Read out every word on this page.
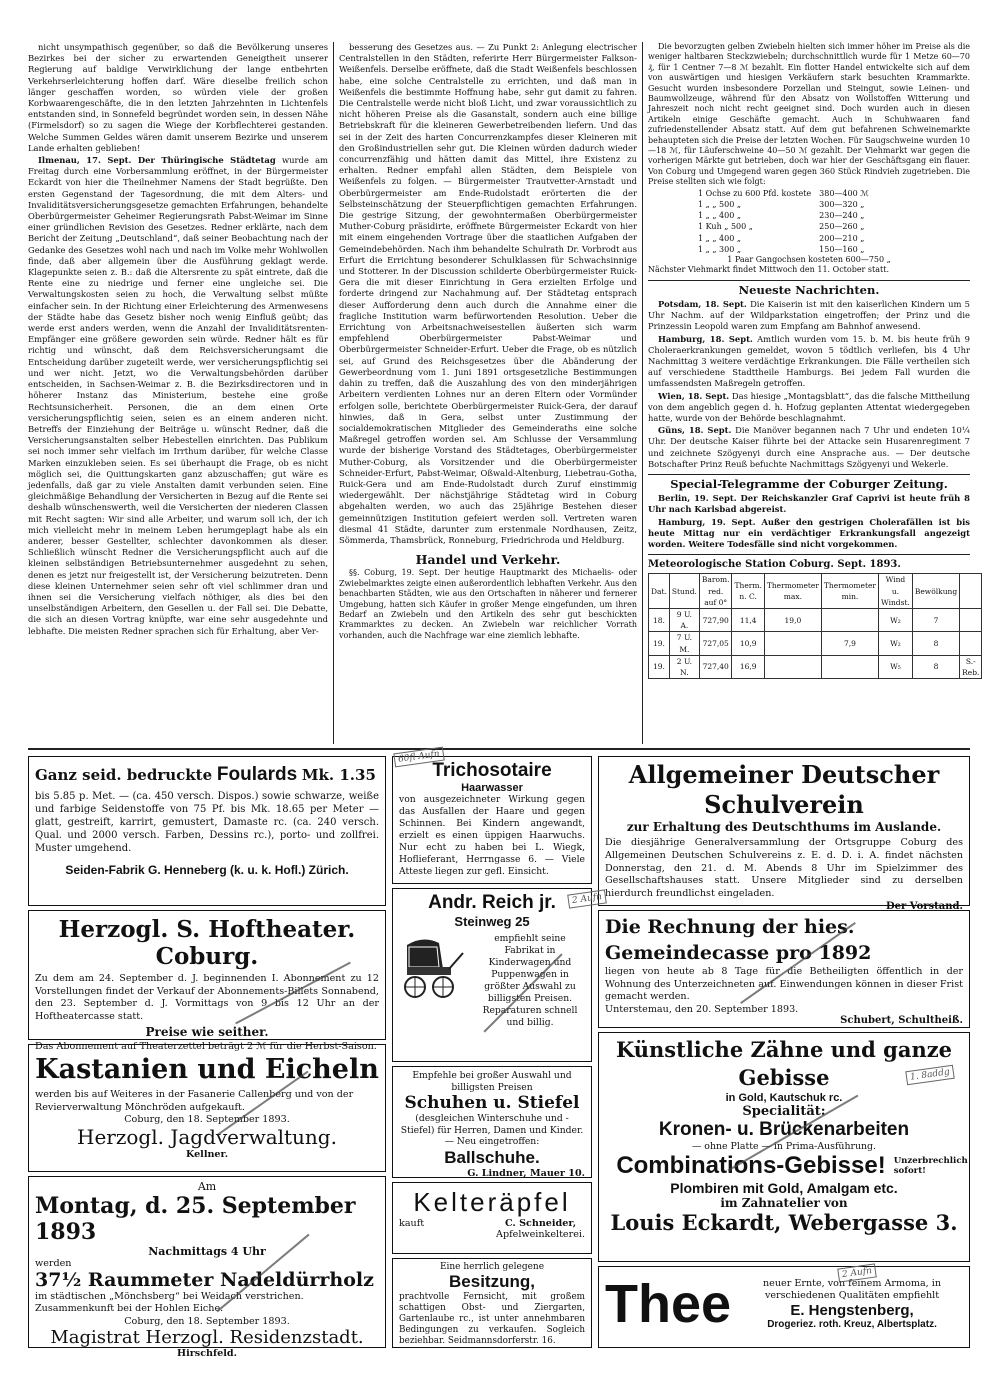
nicht unsympathisch gegenüber, so daß die Bevölkerung unseres Bezirkes bei der sicher zu erwartenden Geneigtheit unserer Regierung auf baldige Verwirklichung der lange entbehrten Verkehrserleichterung hoffen darf. Wäre dieselbe freilich schon länger geschaffen worden, so würden viele der großen Korbwaarengeschäfte, die in den letzten Jahrzehnten in Lichtenfels entstanden sind, in Sonnefeld begründet worden sein, in dessen Nähe (Firmelsdorf) so zu sagen die Wiege der Korbflechterei gestanden. Welche Summen Geldes wären damit unserem Bezirke und unserem Lande erhalten geblieben!

Ilmenau, 17. Sept. Der Thüringische Städtetag wurde am Freitag durch eine Vorbersammlung eröffnet, in der Bürgermeister Eckardt von hier die Theilnehmer Namens der Stadt begrüßte. Den ersten Gegenstand der Tagesordnung, die mit dem Alters- und Invaliditätsversicherungsgesetze gemachten Erfahrungen, behandelte Oberbürgermeister Geheimer Regierungsrath Pabst-Weimar im Sinne einer gründlichen Revision des Gesetzes. Redner erklärte, nach dem Bericht der Zeitung „Deutschland“, daß seiner Beobachtung nach der Gedanke des Gesetzes wohl nach und nach im Volke mehr Wohlwollen finde, daß aber allgemein über die Ausführung geklagt werde. Klagepunkte seien z. B.: daß die Altersrente zu spät eintrete, daß die Rente eine zu niedrige und ferner eine ungleiche sei. Die Verwaltungskosten seien zu hoch, die Verwaltung selbst müßte einfacher sein. In der Richtung einer Erleichterung des Armenwesens der Städte habe das Gesetz bisher noch wenig Einfluß geübt; das werde erst anders werden, wenn die Anzahl der Invaliditätsrenten-Empfänger eine größere geworden sein würde. Redner hält es für richtig und wünscht, daß dem Reichsversicherungsamt die Entscheidung darüber zugeteilt werde, wer versicherungspflichtig sei und wer nicht. Jetzt, wo die Verwaltungsbehörden darüber entscheiden, in Sachsen-Weimar z. B. die Bezirksdirectoren und in höherer Instanz das Ministerium, bestehe eine große Rechtsunsicherheit. Personen, die an dem einen Orte versicherungspflichtig seien, seien es an einem anderen nicht. Betreffs der Einziehung der Beiträge u. wünscht Redner, daß die Versicherungsanstalten selber Hebestellen einrichten. Das Publikum sei noch immer sehr vielfach im Irrthum darüber, für welche Classe Marken einzukleben seien. Es sei überhaupt die Frage, ob es nicht möglich sei, die Quittungskarten ganz abzuschaffen; gut wäre es jedenfalls, daß gar zu viele Anstalten damit verbunden seien. Eine gleichmäßige Behandlung der Versicherten in Bezug auf die Rente sei deshalb wünschenswerth, weil die Versicherten der niederen Classen mit Recht sagten: Wir sind alle Arbeiter, und warum soll ich, der ich mich vielleicht mehr in meinem Leben herumgeplagt habe als ein anderer, besser Gestellter, schlechter davonkommen als dieser. Schließlich wünscht Redner die Versicherungspflicht auch auf die kleinen selbständigen Betriebsunternehmer ausgedehnt zu sehen, denen es jetzt nur freigestellt ist, der Versicherung beizutreten. Denn diese kleinen Unternehmer seien sehr oft viel schlimmer dran und ihnen sei die Versicherung vielfach nöthiger, als dies bei den unselbständigen Arbeitern, den Gesellen u. der Fall sei. Die Debatte, die sich an diesen Vortrag knüpfte, war eine sehr ausgedehnte und lebhafte. Die meisten Redner sprachen sich für Erhaltung, aber Ver-

besserung des Gesetzes aus. — Zu Punkt 2: Anlegung electrischer Centralstellen in den Städten, referirte Herr Bürgermeister Falkson-Weißenfels. Derselbe eröffnete, daß die Stadt Weißenfels beschlossen habe, eine solche Centralstelle zu errichten, und daß man in Weißenfels die bestimmte Hoffnung habe, sehr gut damit zu fahren. Die Centralstelle werde nicht bloß Licht, und zwar voraussichtlich zu nicht höheren Preise als die Gasanstalt, sondern auch eine billige Betriebskraft für die kleineren Gewerbetreibenden liefern. Und das sei in der Zeit des harten Concurrenzkampfes dieser Kleineren mit den Großindustriellen sehr gut. Die Kleinen würden dadurch wieder concurrenzfähig und hätten damit das Mittel, ihre Existenz zu erhalten. Redner empfahl allen Städten, dem Beispiele von Weißenfels zu folgen. — Bürgermeister Trautvetter-Arnstadt und Oberbürgermeister am Ende-Rudolstadt erörterten die der Selbsteinschätzung der Steuerpflichtigen gemachten Erfahrungen. Die gestrige Sitzung, der gewohntermaßen Oberbürgermeister Muther-Coburg präsidirte, eröffnete Bürgermeister Eckardt von hier mit einem eingehenden Vortrage über die staatlichen Aufgaben der Gemeindebehörden. Nach ihm behandelte Schulrath Dr. Vorbrodt aus Erfurt die Errichtung besonderer Schulklassen für Schwachsinnige und Stotterer. In der Discussion schilderte Oberbürgermeister Ruick-Gera die mit dieser Einrichtung in Gera erzielten Erfolge und forderte dringend zur Nachahmung auf. Der Städtetag entsprach dieser Aufforderung denn auch durch die Annahme einer die fragliche Institution warm befürwortenden Resolution. Ueber die Errichtung von Arbeitsnachweisestellen äußerten sich warm empfehlend Oberbürgermeister Pabst-Weimar und Oberbürgermeister Schneider-Erfurt. Ueber die Frage, ob es nützlich sei, auf Grund des Reichsgesetzes über die Abänderung der Gewerbeordnung vom 1. Juni 1891 ortsgesetzliche Bestimmungen dahin zu treffen, daß die Auszahlung des von den minderjährigen Arbeitern verdienten Lohnes nur an deren Eltern oder Vormünder erfolgen solle, berichtete Oberbürgermeister Ruick-Gera, der darauf hinwies, daß in Gera, selbst unter Zustimmung der socialdemokratischen Mitglieder des Gemeinderaths eine solche Maßregel getroffen worden sei. Am Schlusse der Versammlung wurde der bisherige Vorstand des Städtetages, Oberbürgermeister Muther-Coburg, als Vorsitzender und die Oberbürgermeister Schneider-Erfurt, Pabst-Weimar, Oßwald-Altenburg, Liebetrau-Gotha, Ruick-Gera und am Ende-Rudolstadt durch Zuruf einstimmig wiedergewählt. Der nächstjährige Städtetag wird in Coburg abgehalten werden, wo auch das 25jährige Bestehen dieser gemeinnützigen Institution gefeiert werden soll. Vertreten waren diesmal 41 Städte, darunter zum erstenmale Nordhausen, Zeitz, Sömmerda, Thamsbrück, Ronneburg, Friedrichroda und Heldburg.

Handel und Verkehr.

§§. Coburg, 19. Sept. Der heutige Hauptmarkt des Michaelis- oder Zwiebelmarktes zeigte einen außerordentlich lebhaften Verkehr. Aus den benachbarten Städten, wie aus den Ortschaften in näherer und fernerer Umgebung, hatten sich Käufer in großer Menge eingefunden, um ihren Bedarf an Zwiebeln und den Artikeln des sehr gut beschickten Krammarktes zu decken. An Zwiebeln war reichlicher Vorrath vorhanden, auch die Nachfrage war eine ziemlich lebhafte.

Die bevorzugten gelben Zwiebeln hielten sich immer höher im Preise als die weniger haltbaren Steckzwiebeln; durchschnittlich wurde für 1 Metze 60—70 ₰, für 1 Centner 7—8 ℳ bezahlt. Ein flotter Handel entwickelte sich auf dem von auswärtigen und hiesigen Verkäufern stark besuchten Krammarkte. Gesucht wurden insbesondere Porzellan und Steingut, sowie Leinen- und Baumwollzeuge, während für den Absatz von Wollstoffen Witterung und Jahreszeit noch nicht recht geeignet sind. Doch wurden auch in diesen Artikeln einige Geschäfte gemacht. Auch in Schuhwaaren fand zufriedenstellender Absatz statt. Auf dem gut befahrenen Schweinemarkte behaupteten sich die Preise der letzten Wochen. Für Saugschweine wurden 10—18 ℳ, für Läuferschweine 40—50 ℳ gezahlt. Der Viehmarkt war gegen die vorherigen Märkte gut betrieben, doch war hier der Geschäftsgang ein flauer. Von Coburg und Umgegend waren gegen 360 Stück Rindvieh zugetrieben. Die Preise stellten sich wie folgt:

1 Ochse zu 600 Pfd. kostete	380—400 ℳ
1 „ „ 500 „	300—320 „
1 „ „ 400 „	230—240 „
1 Kuh „ 500 „	250—260 „
1 „ „ 400 „	200—210 „
1 „ „ 300 „	150—160 „
1 Paar Gangochsen kosteten 600—750 „
Nächster Viehmarkt findet Mittwoch den 11. October statt.
Neueste Nachrichten.

Potsdam, 18. Sept. Die Kaiserin ist mit den kaiserlichen Kindern um 5 Uhr Nachm. auf der Wildparkstation eingetroffen; der Prinz und die Prinzessin Leopold waren zum Empfang am Bahnhof anwesend.

Hamburg, 18. Sept. Amtlich wurden vom 15. b. M. bis heute früh 9 Choleraerkrankungen gemeldet, wovon 5 tödtlich verliefen, bis 4 Uhr Nachmittag 3 weitere verdächtige Erkrankungen. Die Fälle vertheilen sich auf verschiedene Stadttheile Hamburgs. Bei jedem Fall wurden die umfassendsten Maßregeln getroffen.

Wien, 18. Sept. Das hiesige „Montagsblatt“, das die falsche Mittheilung von dem angeblich gegen d. h. Hofzug geplanten Attentat wiedergegeben hatte, wurde von der Behörde beschlagnahmt.

Güns, 18. Sept. Die Manöver begannen nach 7 Uhr und endeten 10¼ Uhr. Der deutsche Kaiser führte bei der Attacke sein Husarenregiment 7 und zeichnete Szögyenyi durch eine Ansprache aus. — Der deutsche Botschafter Prinz Reuß befuchte Nachmittags Szögyenyi und Wekerle.

Special-Telegramme der Coburger Zeitung.

Berlin, 19. Sept. Der Reichskanzler Graf Caprivi ist heute früh 8 Uhr nach Karlsbad abgereist.

Hamburg, 19. Sept. Außer den gestrigen Cholerafällen ist bis heute Mittag nur ein verdächtiger Erkrankungsfall angezeigt worden. Weitere Todesfälle sind nicht vorgekommen.

Meteorologische Station Coburg. Sept. 1893.
Dat.	Stund.	Barom. red. auf 0°	Therm. n. C.	Thermometer max.	Thermometer min.	Wind u. Windst.	Bewölkung	
18.	9 U. A.	727,90	11,4	19,0		W₂	7	
19.	7 U. M.	727,05	10,9		7,9	W₂	8	
19.	2 U. N.	727,40	16,9			W₅	8	S.-Reb.
Ganz seid. bedruckte Foulards Mk. 1.35
bis 5.85 p. Met. — (ca. 450 versch. Dispos.) sowie schwarze, weiße und farbige Seidenstoffe von 75 Pf. bis Mk. 18.65 per Meter — glatt, gestreift, karrirt, gemustert, Damaste rc. (ca. 240 versch. Qual. und 2000 versch. Farben, Dessins rc.), porto- und zollfrei. Muster umgehend.
Seiden-Fabrik G. Henneberg (k. u. k. Hofl.) Zürich.
Herzogl. S. Hoftheater. Coburg.
Zu dem am 24. September d. J. beginnenden I. Abonnement zu 12 Vorstellungen findet der Verkauf der Abonnements-Billets Sonnabend, den 23. September d. J. Vormittags von 9 bis 12 Uhr an der Hoftheatercasse statt.
Preise wie seither.
Das Abonnement auf Theaterzettel beträgt 2 ℳ für die Herbst-Saison.
Kastanien und Eicheln
werden bis auf Weiteres in der Fasanerie Callenberg und von der Revierverwaltung Mönchröden aufgekauft.
Coburg, den 18. September 1893.
Herzogl. Jagdverwaltung.
Kellner.
Am
Montag, d. 25. September 1893
Nachmittags 4 Uhr
werden
37½ Raummeter Nadeldürrholz
im städtischen „Mönchsberg“ bei Weidach verstrichen. Zusammenkunft bei der Hohlen Eiche.
Coburg, den 18. September 1893.
Magistrat Herzogl. Residenzstadt.
Hirschfeld.
Trichosotaire
Haarwasser
von ausgezeichneter Wirkung gegen das Ausfallen der Haare und gegen Schinnen. Bei Kindern angewandt, erzielt es einen üppigen Haarwuchs. Nur echt zu haben bei L. Wiegk, Hoflieferant, Herrngasse 6. — Viele Atteste liegen zur gefl. Einsicht.
Andr. Reich jr.
Steinweg 25
empfiehlt seine Fabrikat in Kinderwagen und Puppenwagen in größter Auswahl zu billigsten Preisen. Reparaturen schnell und billig.
Empfehle bei großer Auswahl und billigsten Preisen
Schuhen u. Stiefel
(desgleichen Winterschuhe und -Stiefel) für Herren, Damen und Kinder. — Neu eingetroffen:
Ballschuhe.
G. Lindner, Mauer 10.
Kelteräpfel
kauft	C. Schneider,
Apfelweinkelterei.
Eine herrlich gelegene
Besitzung,
prachtvolle Fernsicht, mit großem schattigen Obst- und Ziergarten, Gartenlaube rc., ist unter annehmbaren Bedingungen zu verkaufen. Sogleich beziehbar. Seidmannsdorferstr. 16.
Allgemeiner Deutscher Schulverein
zur Erhaltung des Deutschthums im Auslande.
Die diesjährige Generalversammlung der Ortsgruppe Coburg des Allgemeinen Deutschen Schulvereins z. E. d. D. i. A. findet nächsten Donnerstag, den 21. d. M. Abends 8 Uhr im Spielzimmer des Gesellschaftshauses statt. Unsere Mitglieder sind zu derselben hierdurch freundlichst eingeladen.
Der Vorstand.
Die Rechnung der hies. Gemeindecasse pro 1892
liegen von heute ab 8 Tage für die Betheiligten öffentlich in der Wohnung des Unterzeichneten auf. Einwendungen können in dieser Frist gemacht werden.
Unterstemau, den 20. September 1893.
Schubert, Schultheiß.
Künstliche Zähne und ganze Gebisse
in Gold, Kautschuk rc.
Specialität:
Kronen- u. Brückenarbeiten
— ohne Platte — in Prima-Ausführung.
Combinations-Gebisse! Unzerbrechlich sofort!
Plombiren mit Gold, Amalgam etc.
im Zahnatelier von
Louis Eckardt, Webergasse 3.
Thee	neuer Ernte, von feinem Armoma, in verschiedenen Qualitäten empfiehlt
E. Hengstenberg,
Drogeriez. roth. Kreuz, Albertsplatz.
60fl Aufn
2 Aufn
1. 8addg
2 Aufn
